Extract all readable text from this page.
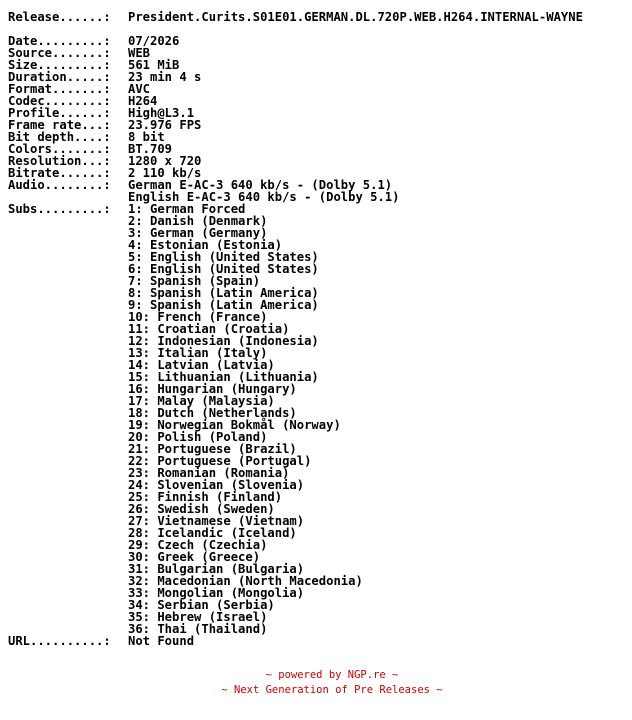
Release......: President.Curits.S01E01.GERMAN.DL.720P.WEB.H264.INTERNAL-WAYNE
Date.........: 07/2026
Source.......: WEB
Size.........: 561 MiB
Duration.....: 23 min 4 s
Format.......: AVC
Codec........: H264
Profile......: High@L3.1
Frame rate...: 23.976 FPS
Bit depth....: 8 bit
Colors.......: BT.709
Resolution...: 1280 x 720
Bitrate......: 2 110 kb/s
Audio........: German E-AC-3 640 kb/s - (Dolby 5.1)
English E-AC-3 640 kb/s - (Dolby 5.1)
Subs.........: 1: German Forced
2: Danish (Denmark)
3: German (Germany)
4: Estonian (Estonia)
5: English (United States)
6: English (United States)
7: Spanish (Spain)
8: Spanish (Latin America)
9: Spanish (Latin America)
10: French (France)
11: Croatian (Croatia)
12: Indonesian (Indonesia)
13: Italian (Italy)
14: Latvian (Latvia)
15: Lithuanian (Lithuania)
16: Hungarian (Hungary)
17: Malay (Malaysia)
18: Dutch (Netherlands)
19: Norwegian Bokmål (Norway)
20: Polish (Poland)
21: Portuguese (Brazil)
22: Portuguese (Portugal)
23: Romanian (Romania)
24: Slovenian (Slovenia)
25: Finnish (Finland)
26: Swedish (Sweden)
27: Vietnamese (Vietnam)
28: Icelandic (Iceland)
29: Czech (Czechia)
30: Greek (Greece)
31: Bulgarian (Bulgaria)
32: Macedonian (North Macedonia)
33: Mongolian (Mongolia)
34: Serbian (Serbia)
35: Hebrew (Israel)
36: Thai (Thailand)
URL..........: Not Found
~ powered by NGP.re ~
~ Next Generation of Pre Releases ~
